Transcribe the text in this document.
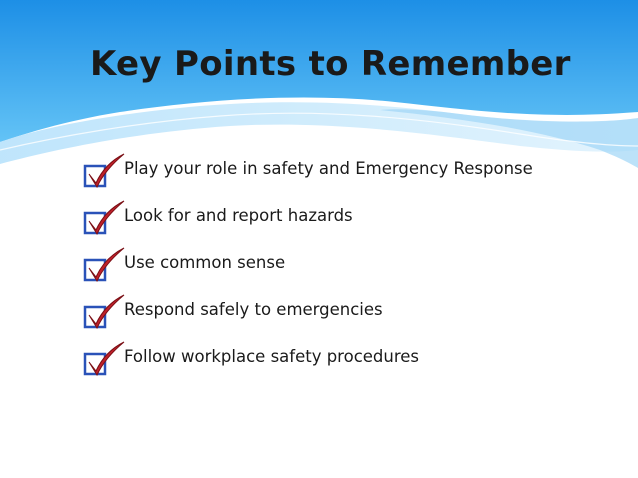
Key Points to Remember
Play your role in safety and Emergency Response
Look for and report hazards
Use common sense
Respond safely to emergencies
Follow workplace safety procedures
